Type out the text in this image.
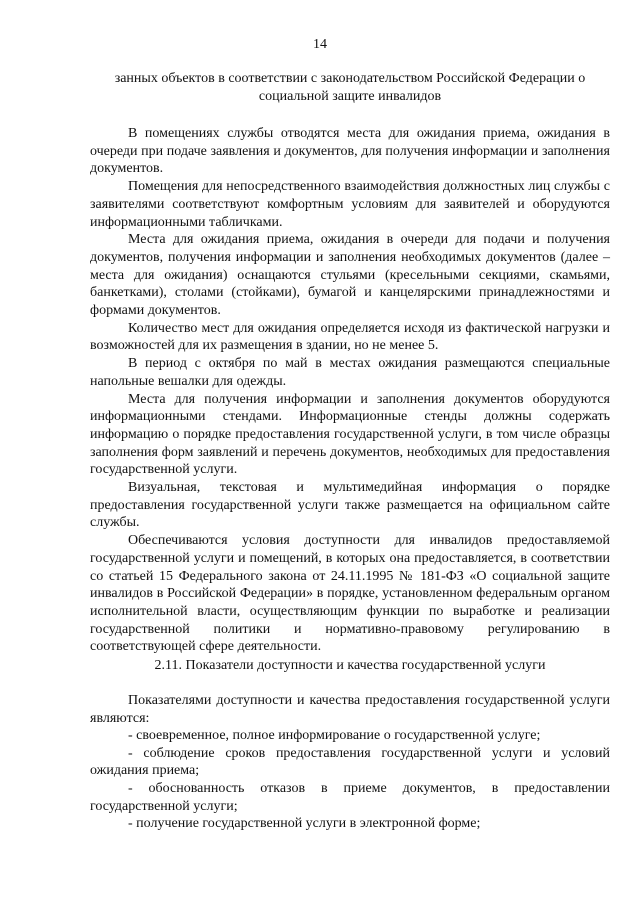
14
занных объектов в соответствии с законодательством Российской Федерации о
социальной защите инвалидов

В помещениях службы отводятся места для ожидания приема, ожидания в очереди при подаче заявления и документов, для получения информации и заполнения документов.

Помещения для непосредственного взаимодействия должностных лиц службы с заявителями соответствуют комфортным условиям для заявителей и оборудуются информационными табличками.

Места для ожидания приема, ожидания в очереди для подачи и получения документов, получения информации и заполнения необходимых документов (далее – места для ожидания) оснащаются стульями (кресельными секциями, скамьями, банкетками), столами (стойками), бумагой и канцелярскими принадлежностями и формами документов.

Количество мест для ожидания определяется исходя из фактической нагрузки и возможностей для их размещения в здании, но не менее 5.

В период с октября по май в местах ожидания размещаются специальные напольные вешалки для одежды.

Места для получения информации и заполнения документов оборудуются информационными стендами. Информационные стенды должны содержать информацию о порядке предоставления государственной услуги, в том числе образцы заполнения форм заявлений и перечень документов, необходимых для предоставления государственной услуги.

Визуальная, текстовая и мультимедийная информация о порядке предоставления государственной услуги также размещается на официальном сайте службы.

Обеспечиваются условия доступности для инвалидов предоставляемой государственной услуги и помещений, в которых она предоставляется, в соответствии со статьей 15 Федерального закона от 24.11.1995 № 181-ФЗ «О социальной защите инвалидов в Российской Федерации» в порядке, установленном федеральным органом исполнительной власти, осуществляющим функции по выработке и реализации государственной политики и нормативно-правовому регулированию в соответствующей сфере деятельности.

2.11. Показатели доступности и качества государственной услуги

Показателями доступности и качества предоставления государственной услуги являются:

- своевременное, полное информирование о государственной услуге;

- соблюдение сроков предоставления государственной услуги и условий ожидания приема;

- обоснованность отказов в приеме документов, в предоставлении государственной услуги;

- получение государственной услуги в электронной форме;
